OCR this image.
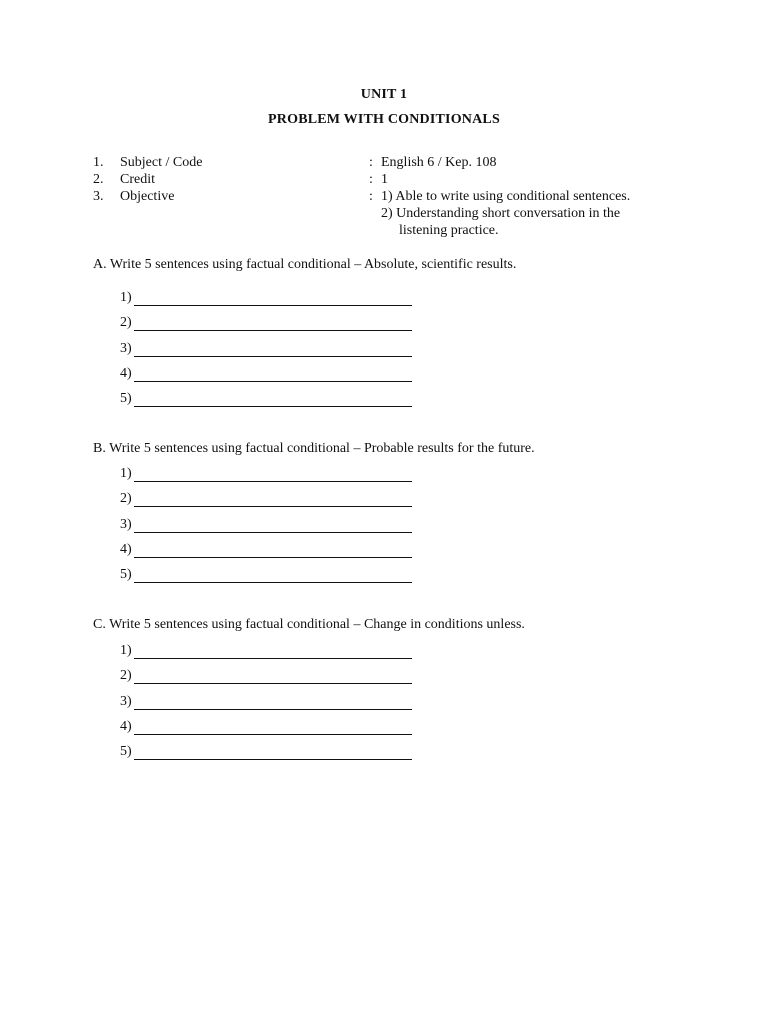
UNIT 1
PROBLEM WITH CONDITIONALS
1. Subject / Code	: English 6 / Kep. 108
2. Credit	: 1
3. Objective	: 1) Able to write using conditional sentences.
2) Understanding short conversation in the
listening practice.
A. Write 5 sentences using factual conditional – Absolute, scientific results.
1)
2)
3)
4)
5)
B. Write 5 sentences using factual conditional – Probable results for the future.
1)
2)
3)
4)
5)
C. Write 5 sentences using factual conditional – Change in conditions unless.
1)
2)
3)
4)
5)
